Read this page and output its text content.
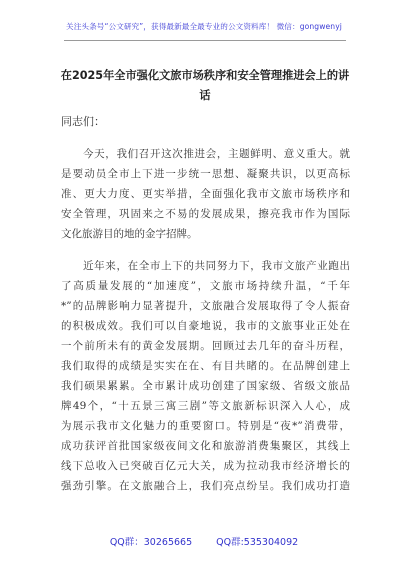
关注头条号“公文研究”，获得最新最全最专业的公文资料库！ 微信：gongwenyj
在2025年全市强化文旅市场秩序和安全管理推进会上的讲
话
同志们：
今天，我们召开这次推进会，主题鲜明、意义重大。就
是要动员全市上下进一步统一思想、凝聚共识，以更高标
准、更大力度、更实举措，全面强化我市文旅市场秩序和
安全管理，巩固来之不易的发展成果，擦亮我市作为国际
文化旅游目的地的金字招牌。
近年来，在全市上下的共同努力下，我市文旅产业跑出
了高质量发展的“加速度”，文旅市场持续升温，“千年
*”的品牌影响力显著提升，文旅融合发展取得了令人振奋
的积极成效。我们可以自豪地说，我市的文旅事业正处在
一个前所未有的黄金发展期。回顾过去几年的奋斗历程，
我们取得的成绩是实实在在、有目共睹的。在品牌创建上
我们硕果累累。全市累计成功创建了国家级、省级文旅品
牌49个，“十五景三寓三剧”等文旅新标识深入人心，成
为展示我市文化魅力的重要窗口。特别是“夜*”消费带，
成功获评首批国家级夜间文化和旅游消费集聚区，其线上
线下总收入已突破百亿元大关，成为拉动我市经济增长的
强劲引擎。在文旅融合上，我们亮点纷呈。我们成功打造
QQ群：30265665	QQ群:535304092
